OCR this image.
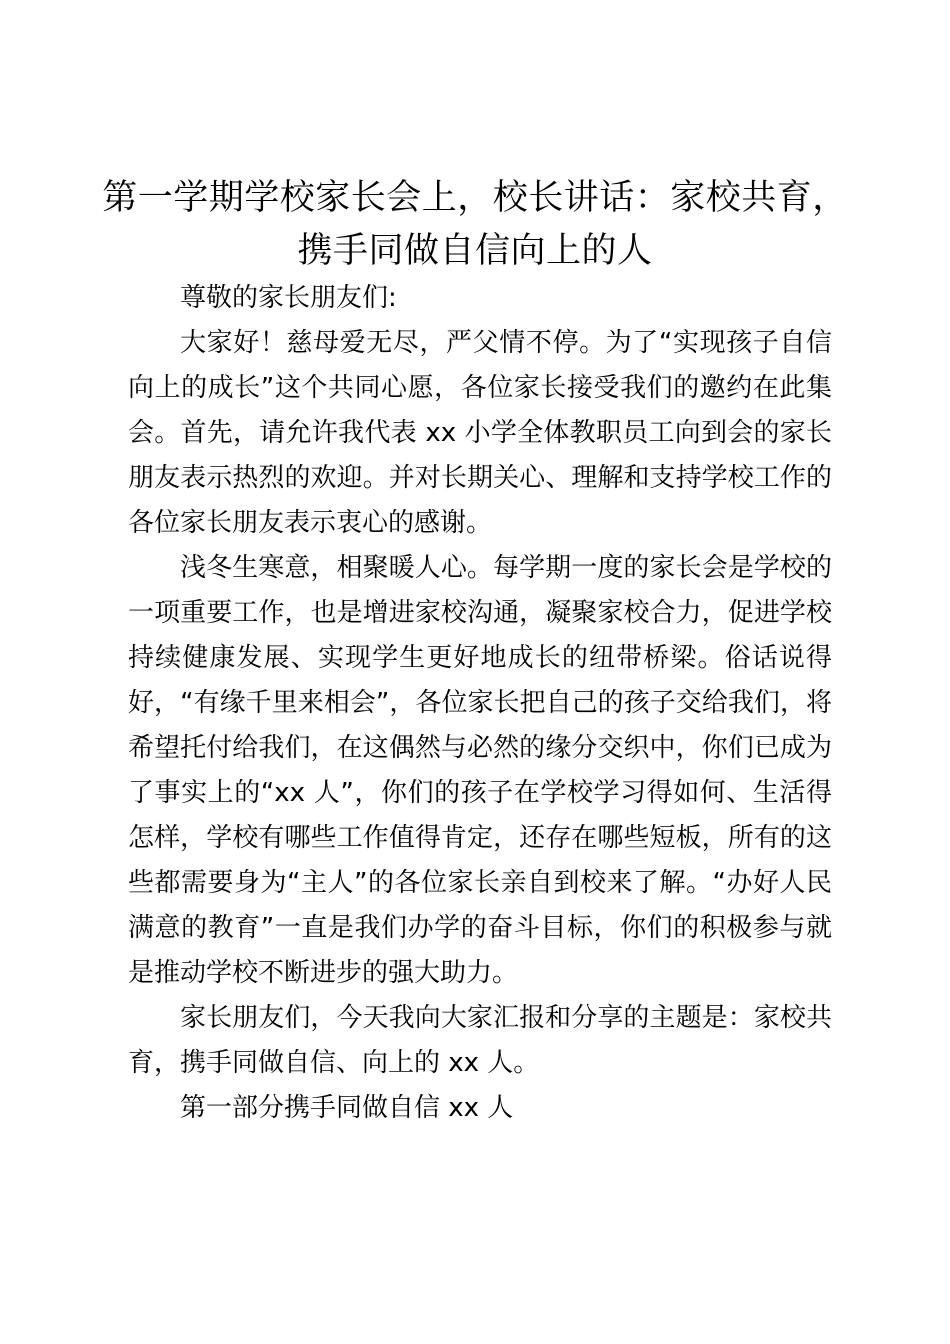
第一学期学校家长会上，校长讲话：家校共育，携手同做自信向上的人

尊敬的家长朋友们:

大家好！慈母爱无尽，严父情不停。为了“实现孩子自信向上的成长”这个共同心愿，各位家长接受我们的邀约在此集会。首先，请允许我代表 xx 小学全体教职员工向到会的家长朋友表示热烈的欢迎。并对长期关心、理解和支持学校工作的各位家长朋友表示衷心的感谢。

浅冬生寒意，相聚暖人心。每学期一度的家长会是学校的一项重要工作，也是增进家校沟通，凝聚家校合力，促进学校持续健康发展、实现学生更好地成长的纽带桥梁。俗话说得好，“有缘千里来相会”，各位家长把自己的孩子交给我们，将希望托付给我们，在这偶然与必然的缘分交织中，你们已成为了事实上的“xx 人”，你们的孩子在学校学习得如何、生活得怎样，学校有哪些工作值得肯定，还存在哪些短板，所有的这些都需要身为“主人”的各位家长亲自到校来了解。“办好人民满意的教育”一直是我们办学的奋斗目标，你们的积极参与就是推动学校不断进步的强大助力。

家长朋友们，今天我向大家汇报和分享的主题是：家校共育，携手同做自信、向上的 xx 人。

第一部分携手同做自信 xx 人
